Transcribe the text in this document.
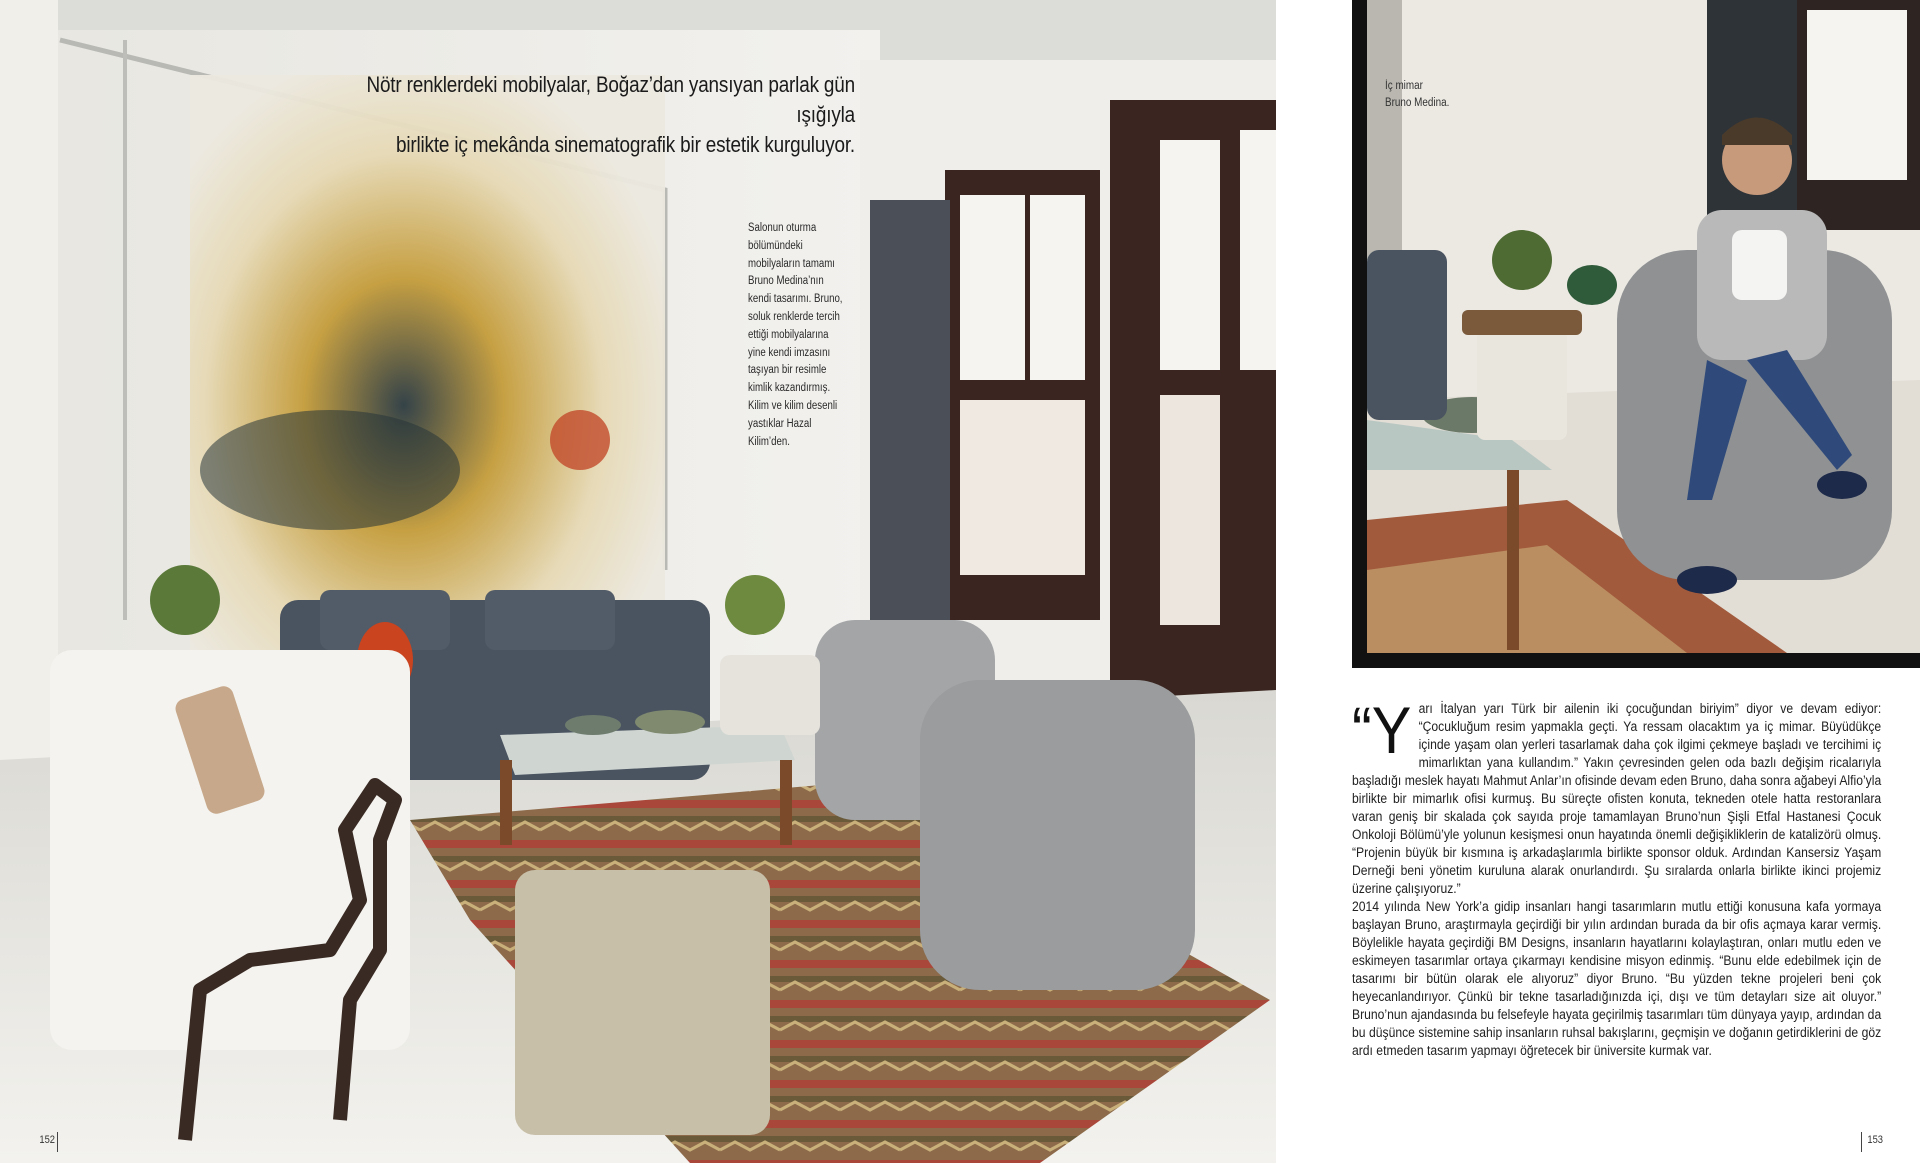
Nötr renklerdeki mobilyalar, Boğaz’dan yansıyan parlak gün ışığıyla
birlikte iç mekânda sinematografik bir estetik kurguluyor.
Salonun oturma bölümündeki mobilyaların tamamı Bruno Medina’nın kendi tasarımı. Bruno, soluk renklerde tercih ettiği mobilyalarına yine kendi imzasını taşıyan bir resimle kimlik kazandırmış. Kilim ve kilim desenli yastıklar Hazal Kilim’den.
152
İç mimar
Bruno Medina.

“Yarı İtalyan yarı Türk bir ailenin iki çocuğundan biriyim” diyor ve devam ediyor: “Çocukluğum resim yapmakla geçti. Ya ressam olacaktım ya iç mimar. Büyüdükçe içinde yaşam olan yerleri tasarlamak daha çok ilgimi çekmeye başladı ve tercihimi iç mimarlıktan yana kullandım.” Yakın çevresinden gelen oda bazlı değişim ricalarıyla başladığı meslek hayatı Mahmut Anlar’ın ofisinde devam eden Bruno, daha sonra ağabeyi Alfio’yla birlikte bir mimarlık ofisi kurmuş. Bu süreçte ofisten konuta, tekneden otele hatta restoranlara varan geniş bir skalada çok sayıda proje tamamlayan Bruno’nun Şişli Etfal Hastanesi Çocuk Onkoloji Bölümü’yle yolunun kesişmesi onun hayatında önemli değişikliklerin de katalizörü olmuş. “Projenin büyük bir kısmına iş arkadaşlarımla birlikte sponsor olduk. Ardından Kansersiz Yaşam Derneği beni yönetim kuruluna alarak onurlandırdı. Şu sıralarda onlarla birlikte ikinci projemiz üzerine çalışıyoruz.”

2014 yılında New York’a gidip insanları hangi tasarımların mutlu ettiği konusuna kafa yormaya başlayan Bruno, araştırmayla geçirdiği bir yılın ardından burada da bir ofis açmaya karar vermiş. Böylelikle hayata geçirdiği BM Designs, insanların hayatlarını kolaylaştıran, onları mutlu eden ve eskimeyen tasarımlar ortaya çıkarmayı kendisine misyon edinmiş. “Bunu elde edebilmek için de tasarımı bir bütün olarak ele alıyoruz” diyor Bruno. “Bu yüzden tekne projeleri beni çok heyecanlandırıyor. Çünkü bir tekne tasarladığınızda içi, dışı ve tüm detayları size ait oluyor.” Bruno’nun ajandasında bu felsefeyle hayata geçirilmiş tasarımları tüm dünyaya yayıp, ardından da bu düşünce sistemine sahip insanların ruhsal bakışlarını, geçmişin ve doğanın getirdiklerini de göz ardı etmeden tasarım yapmayı öğretecek bir üniversite kurmak var.

153
